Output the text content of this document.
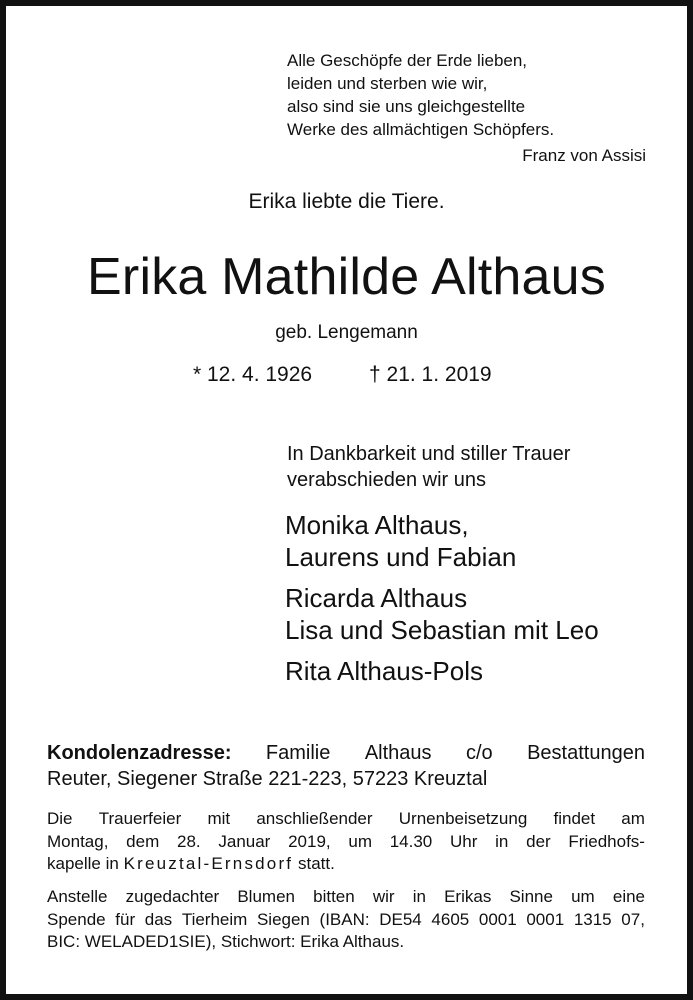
Alle Geschöpfe der Erde lieben,
leiden und sterben wie wir,
also sind sie uns gleichgestellte
Werke des allmächtigen Schöpfers.
Franz von Assisi
Erika liebte die Tiere.
Erika Mathilde Althaus
geb. Lengemann
* 12. 4. 1926	† 21. 1. 2019
In Dankbarkeit und stiller Trauer
verabschieden wir uns
Monika Althaus,
Laurens und Fabian
Ricarda Althaus
Lisa und Sebastian mit Leo
Rita Althaus-Pols
Kondolenzadresse: Familie Althaus c/o Bestattungen
Reuter, Siegener Straße 221-223, 57223 Kreuztal
Die Trauerfeier mit anschließender Urnenbeisetzung findet am
Montag, dem 28. Januar 2019, um 14.30 Uhr in der Friedhofs-
kapelle in Kreuztal-Ernsdorf statt.
Anstelle zugedachter Blumen bitten wir in Erikas Sinne um eine
Spende für das Tierheim Siegen (IBAN: DE54 4605 0001 0001 1315 07,
BIC: WELADED1SIE), Stichwort: Erika Althaus.
